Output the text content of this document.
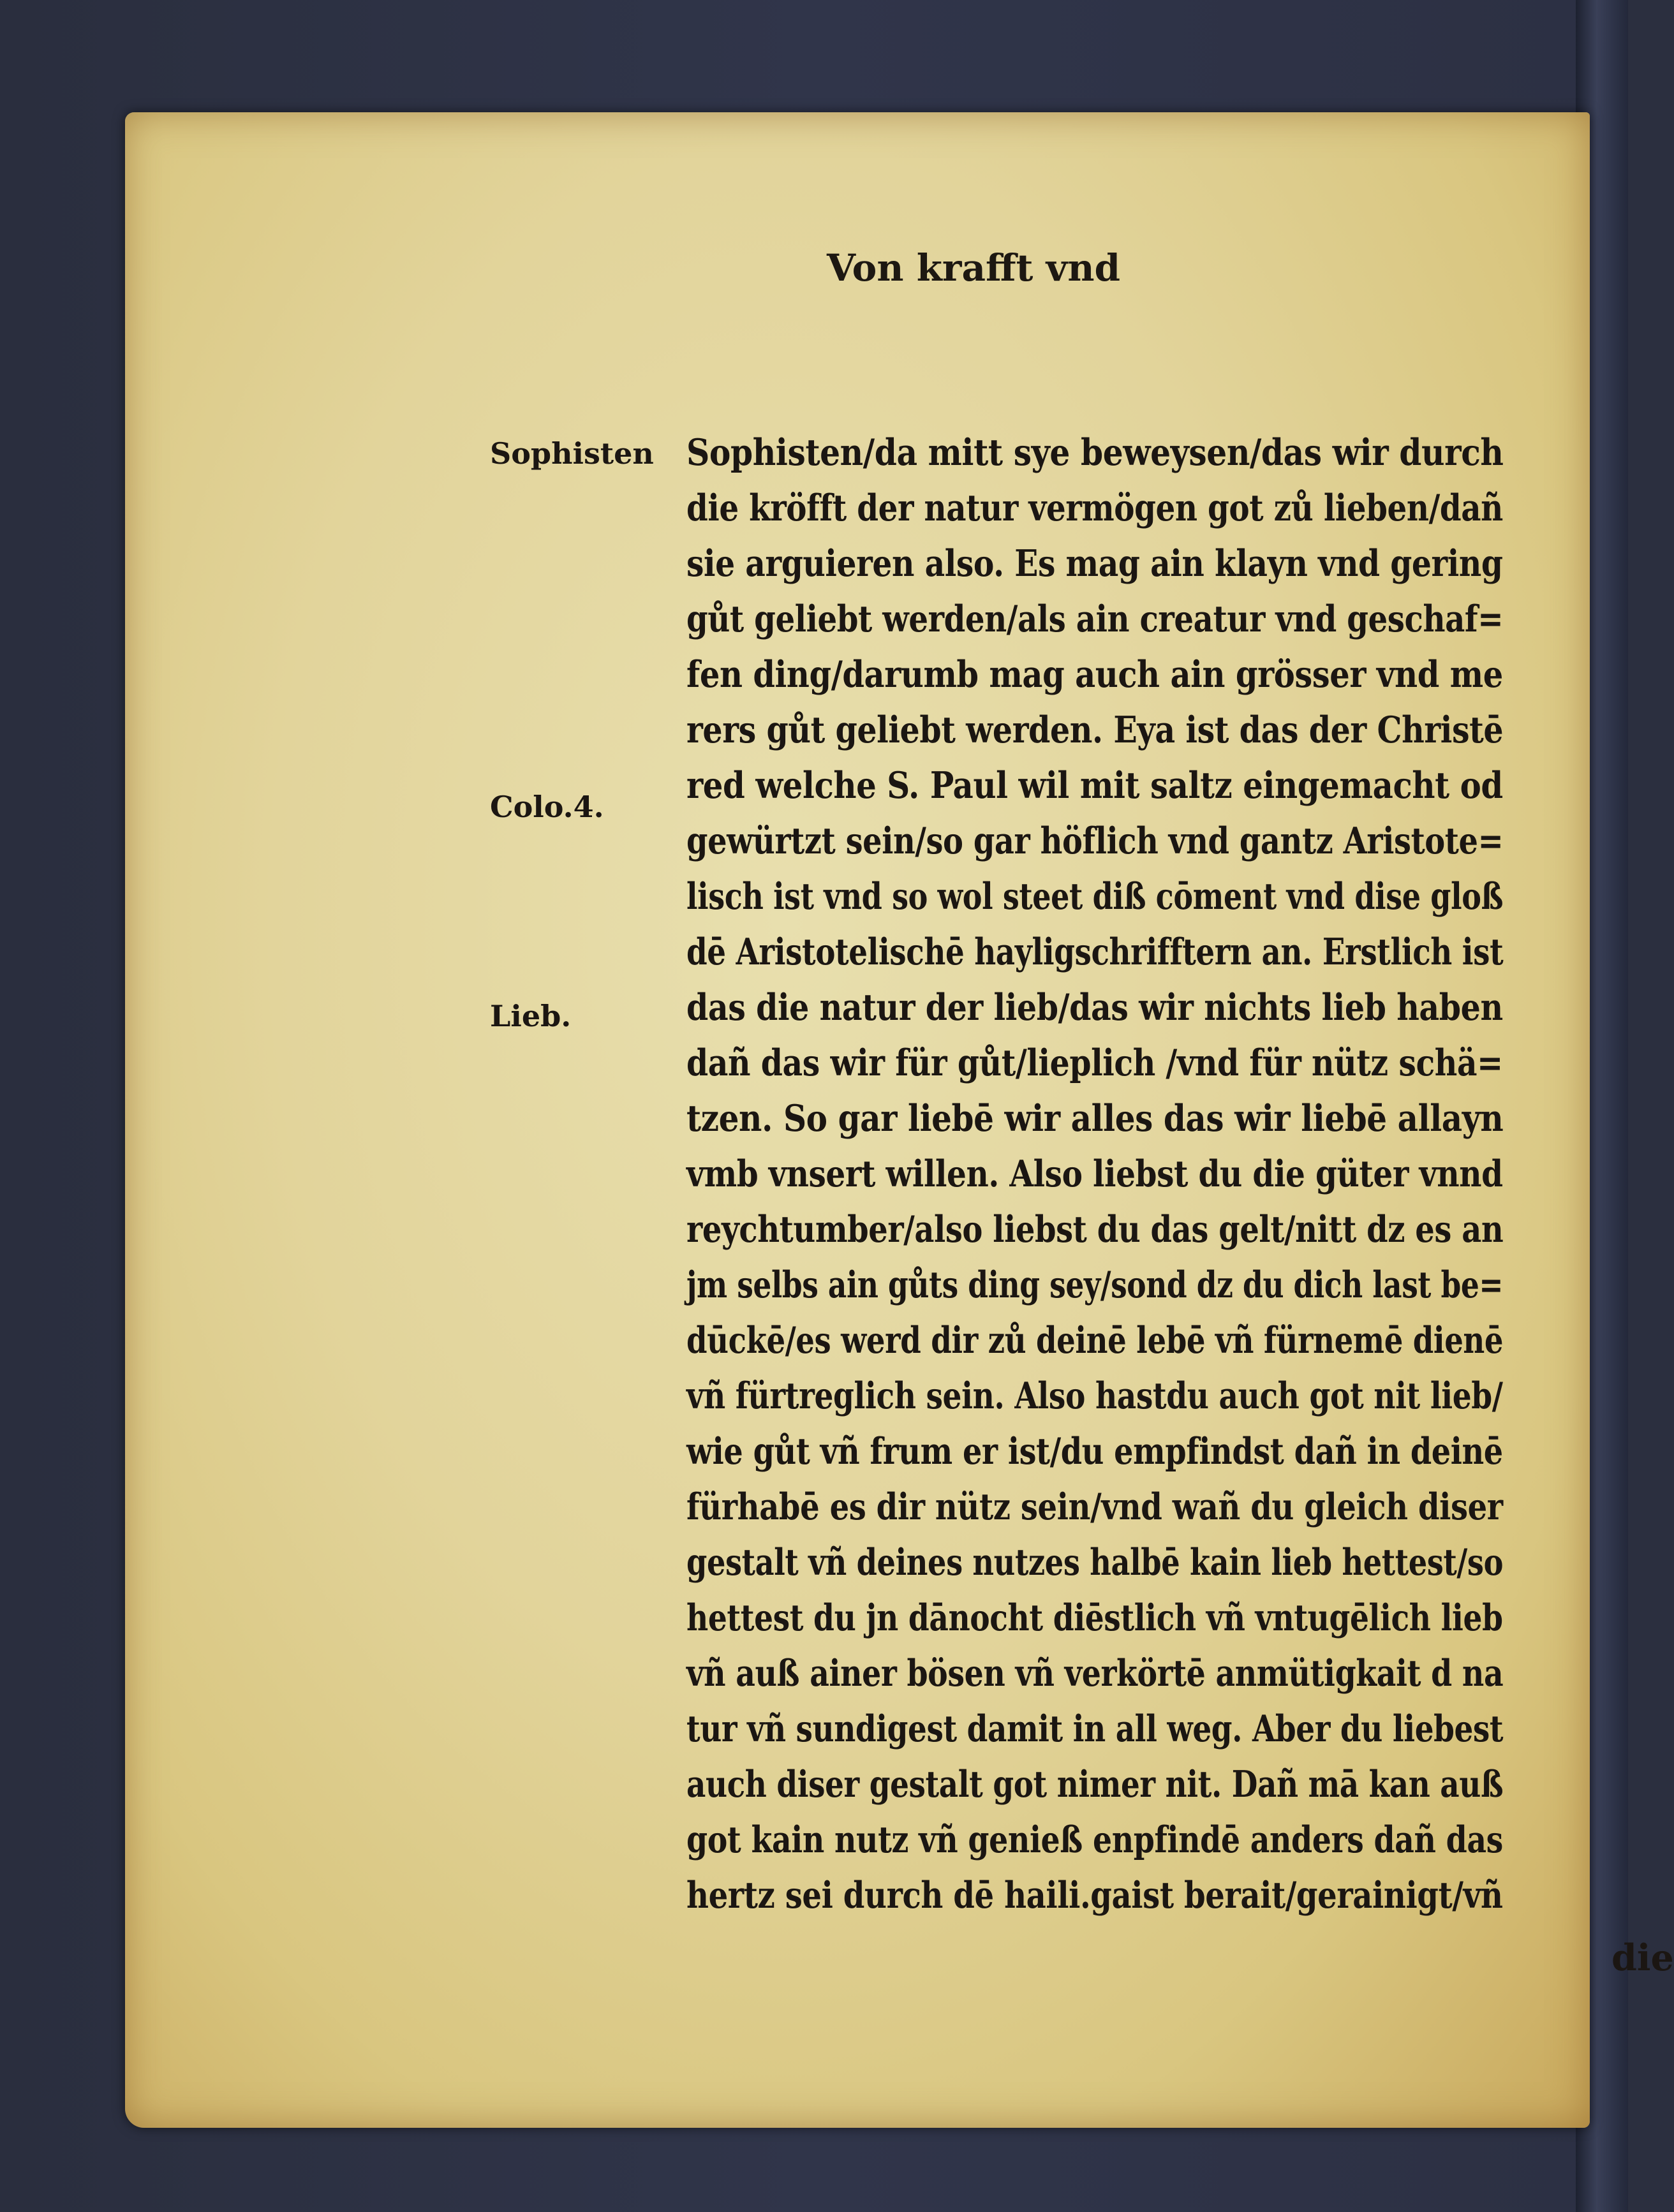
Von krafft vnd
Sophisten
Colo.4.
Lieb.
Sophisten/da mitt sye beweysen/das wir durch
die kröfft der natur vermögen got zů lieben/dañ
sie arguieren also. Es mag ain klayn vnd gering
gůt geliebt werden/als ain creatur vnd geschaf=
fen ding/darumb mag auch ain grösser vnd me
rers gůt geliebt werden. Eya ist das der Christē
red welche S. Paul wil mit saltz eingemacht od
gewürtzt sein/so gar höflich vnd gantz Aristote=
lisch ist vnd so wol steet diß cōment vnd dise gloß
dē Aristotelischē hayligschrifftern an. Erstlich ist
das die natur der lieb/das wir nichts lieb haben
dañ das wir für gůt/lieplich /vnd für nütz schä=
tzen. So gar liebē wir alles das wir liebē allayn
vmb vnsert willen. Also liebst du die güter vnnd
reychtumber/also liebst du das gelt/nitt dz es an
jm selbs ain gůts ding sey/sond dz du dich last be=
dūckē/es werd dir zů deinē lebē vñ fürnemē dienē
vñ fürtreglich sein. Also hastdu auch got nit lieb/
wie gůt vñ frum er ist/du empfindst dañ in deinē
fürhabē es dir nütz sein/vnd wañ du gleich diser
gestalt vñ deines nutzes halbē kain lieb hettest/so
hettest du jn dānocht diēstlich vñ vntugēlich lieb
vñ auß ainer bösen vñ verkörtē anmütigkait d na
tur vñ sundigest damit in all weg. Aber du liebest
auch diser gestalt got nimer nit. Dañ mā kan auß
got kain nutz vñ genieß enpfindē anders dañ das
hertz sei durch dē haili.gaist berait/gerainigt/vñ
die
